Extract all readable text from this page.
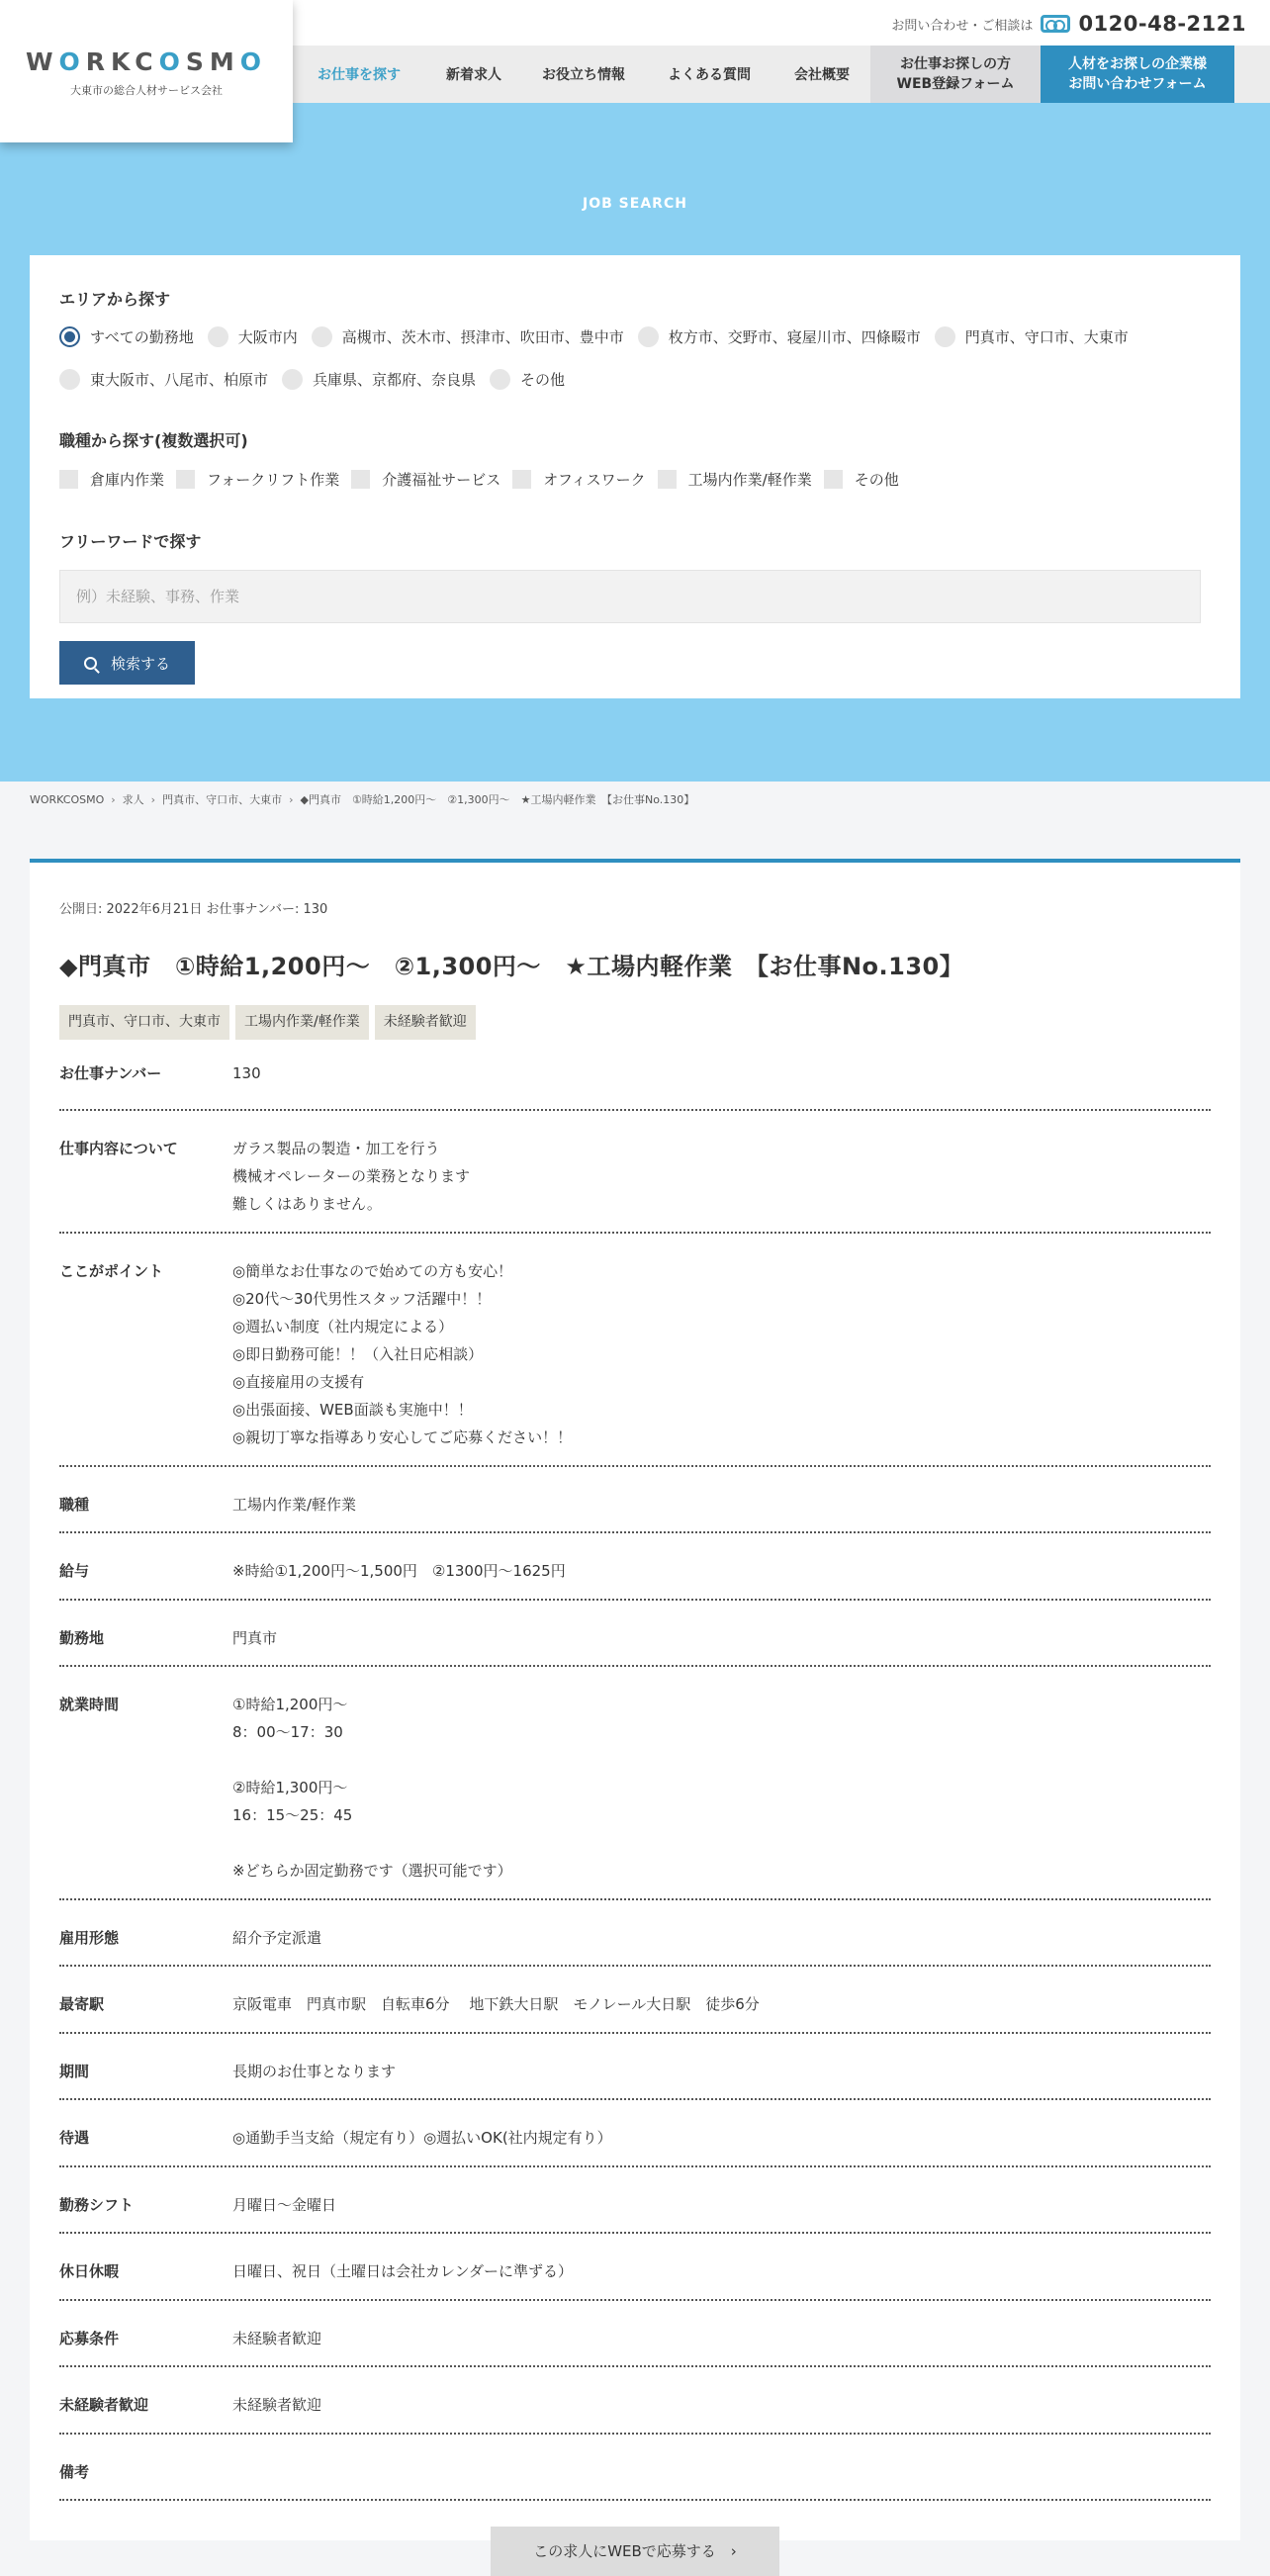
WORKCOSMO
大東市の総合人材サービス会社
お問い合わせ・ご相談は 0120-48-2121
お仕事を探す	新着求人	お役立ち情報	よくある質問	会社概要
お仕事お探しの方
WEB登録フォーム
人材をお探しの企業様
お問い合わせフォーム
JOB SEARCH
エリアから探す
すべての勤務地	大阪市内	高槻市、茨木市、摂津市、吹田市、豊中市	枚方市、交野市、寝屋川市、四條畷市	門真市、守口市、大東市
東大阪市、八尾市、柏原市	兵庫県、京都府、奈良県	その他
職種から探す(複数選択可)
倉庫内作業	フォークリフト作業	介護福祉サービス	オフィスワーク	工場内作業/軽作業	その他
フリーワードで探す
例）未経験、事務、作業
検索する
WORKCOSMO › 求人 › 門真市、守口市、大東市 › ◆門真市　①時給1,200円～　②1,300円～　★工場内軽作業　【お仕事No.130】
公開日: 2022年6月21日 お仕事ナンバー: 130
◆門真市　①時給1,200円～　②1,300円～　★工場内軽作業　【お仕事No.130】
門真市、守口市、大東市	工場内作業/軽作業	未経験者歓迎
お仕事ナンバー	130
仕事内容について	ガラス製品の製造・加工を行う
機械オペレーターの業務となります
難しくはありません。
ここがポイント	◎簡単なお仕事なので始めての方も安心！
◎20代～30代男性スタッフ活躍中！！
◎週払い制度（社内規定による）
◎即日勤務可能！！（入社日応相談）
◎直接雇用の支援有
◎出張面接、WEB面談も実施中！！
◎親切丁寧な指導あり安心してご応募ください！！
職種	工場内作業/軽作業
給与	※時給①1,200円～1,500円　②1300円～1625円
勤務地	門真市
就業時間	①時給1,200円～
8：00～17：30

②時給1,300円～
16：15～25：45

※どちらか固定勤務です（選択可能です）
雇用形態	紹介予定派遣
最寄駅	京阪電車　門真市駅　自転車6分　 地下鉄大日駅　モノレール大日駅　徒歩6分
期間	長期のお仕事となります
待遇	◎通勤手当支給（規定有り）◎週払いOK(社内規定有り）
勤務シフト	月曜日～金曜日
休日休暇	日曜日、祝日（土曜日は会社カレンダーに準ずる）
応募条件	未経験者歓迎
未経験者歓迎	未経験者歓迎
備考
この求人にWEBで応募する　›
